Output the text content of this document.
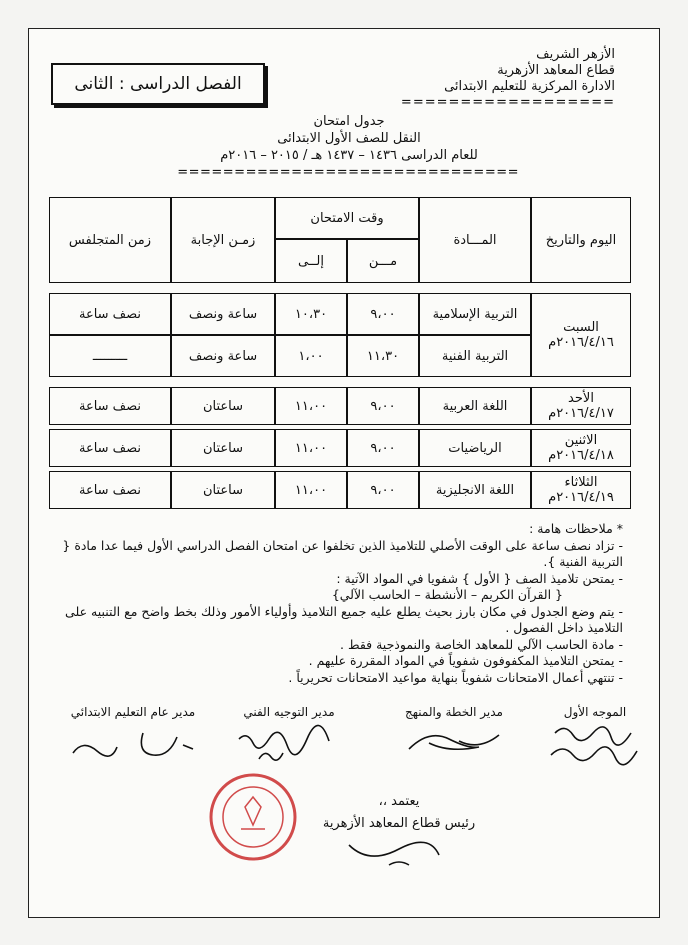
الأزهر الشريف
قطاع المعاهد الأزهرية
الادارة المركزية للتعليم الابتدائى
==================
الفصل الدراسى : الثانى
جدول امتحان
النقل للصف الأول الابتدائى
للعام الدراسى ١٤٣٦ – ١٤٣٧ هـ / ٢٠١٥ – ٢٠١٦م
==============================
اليوم والتاريخ	المـــادة	وقت الامتحان		زمـن الإجابة	زمن المتجلفس
		مـــن	إلــى		

السبت
٢٠١٦/٤/١٦م	التربية الإسلامية	٩،٠٠	١٠،٣٠	ساعة ونصف	نصف ساعة
	التربية الفنية	١١،٣٠	١،٠٠	ساعة ونصف	ـــــــــ

الأحد
٢٠١٦/٤/١٧م	اللغة العربية	٩،٠٠	١١،٠٠	ساعتان	نصف ساعة

الاثنين
٢٠١٦/٤/١٨م	الرياضيات	٩،٠٠	١١،٠٠	ساعتان	نصف ساعة

الثلاثاء
٢٠١٦/٤/١٩م	اللغة الانجليزية	٩،٠٠	١١،٠٠	ساعتان	نصف ساعة

* ملاحظات هامة :

- تزاد نصف ساعة على الوقت الأصلي للتلاميذ الذين تخلفوا عن امتحان الفصل الدراسي الأول فيما عدا مادة { التربية الفنية }.

- يمتحن تلاميذ الصف { الأول } شفويا في المواد الآتية :

{ القرآن الكريم – الأنشطة – الحاسب الآلي}

- يتم وضع الجدول في مكان بارز بحيث يطلع عليه جميع التلاميذ وأولياء الأمور وذلك بخط واضح مع التنبيه على التلاميذ داخل الفصول .

- مادة الحاسب الآلي للمعاهد الخاصة والنموذجية فقط .

- يمتحن التلاميذ المكفوفون شفوياً في المواد المقررة عليهم .

- تنتهي أعمال الامتحانات شفوياً بنهاية مواعيد الامتحانات تحريرياً .

الموجه الأول
مدير الخطة والمنهج
مدير التوجيه الفني
مدير عام التعليم الابتدائي
يعتمد ،،
رئيس قطاع المعاهد الأزهرية
